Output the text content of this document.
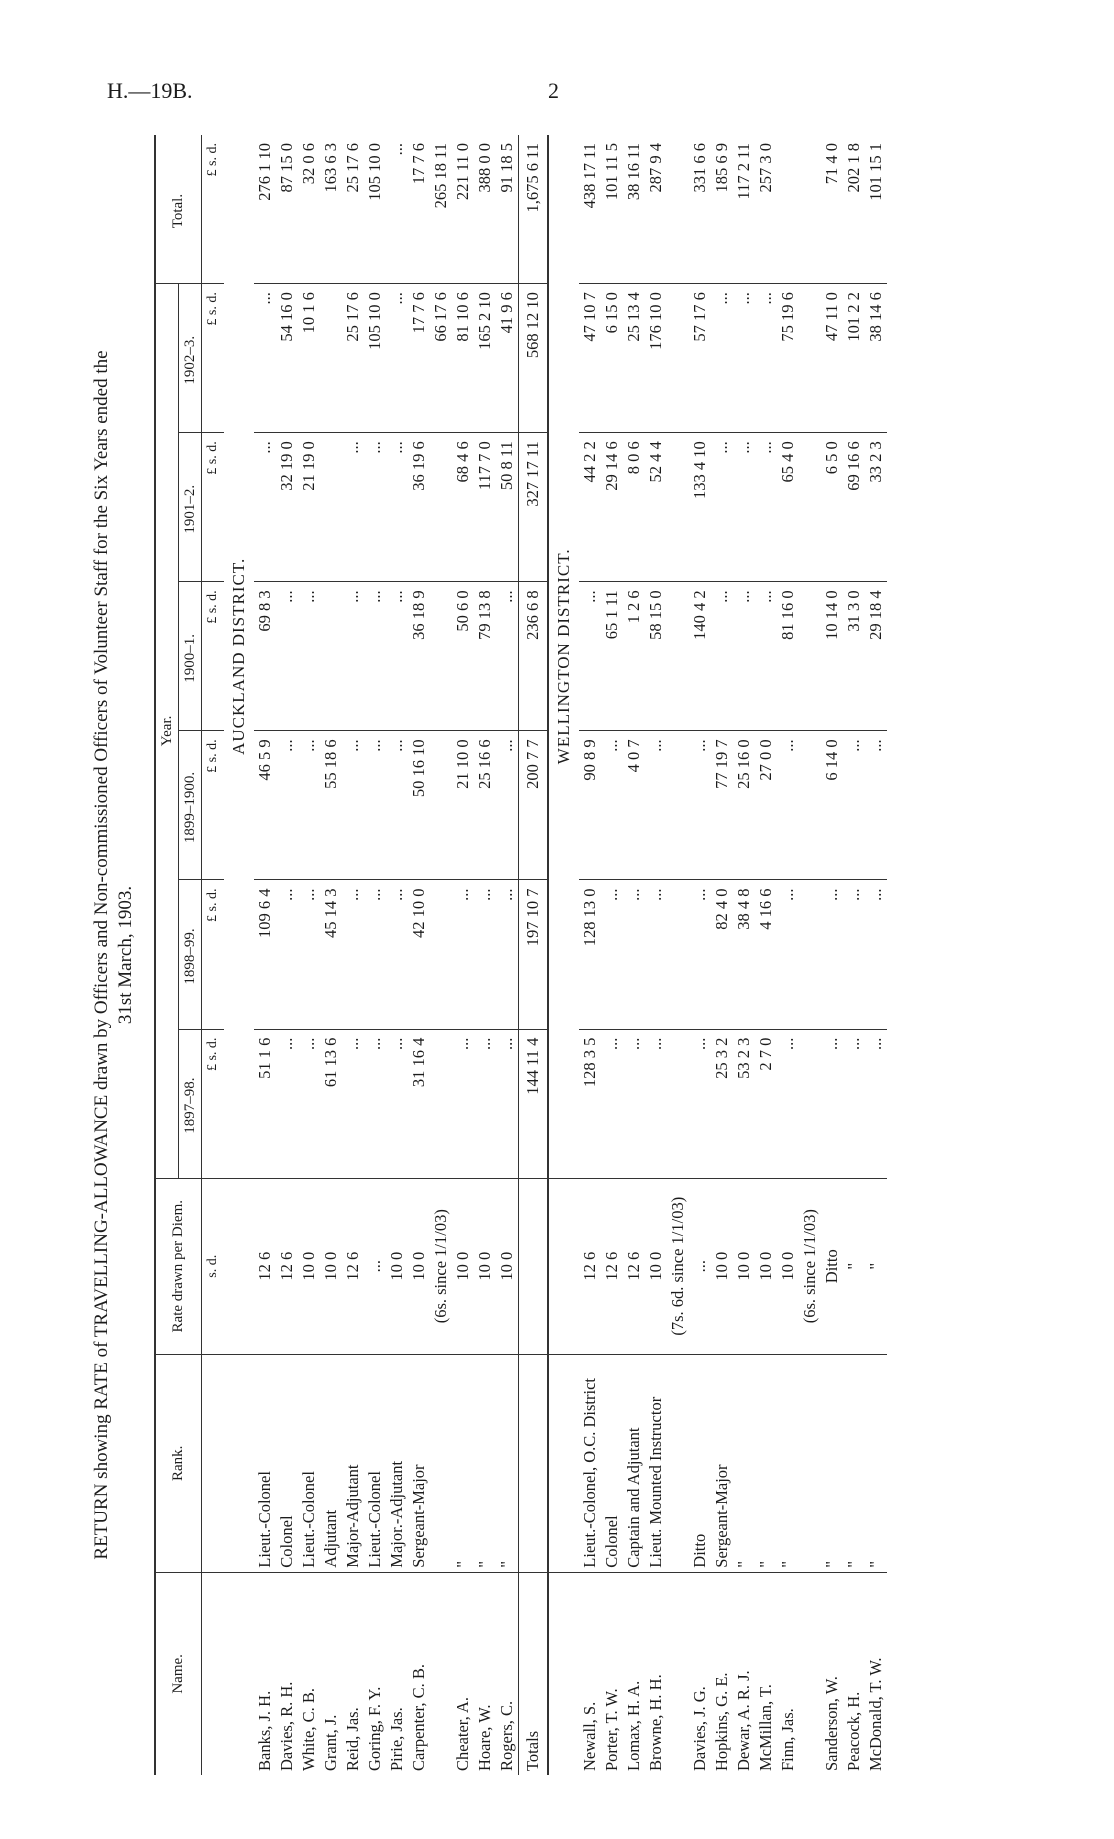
H.—19B.	2
RETURN showing RATE of TRAVELLING-ALLOWANCE drawn by Officers and Non-commissioned Officers of Volunteer Staff for the Six Years ended the 31st March, 1903.
Name.	Rank.	Rate drawn per Diem.	Year.						Total.
			1897–98.	1898–99.	1899–1900.	1900–1.	1901–2.	1902–3.	
		s. d.	£ s. d.	£ s. d.	£ s. d.	£ s. d.	£ s. d.	£ s. d.	£ s. d.
			AUCKLAND DISTRICT.						
Banks, J. H.	Lieut.-Colonel	12 6	51 1 6	109 6 4	46 5 9	69 8 3	...	...	276 1 10
Davies, R. H.	Colonel	12 6	...	...	...	...	32 19 0	54 16 0	87 15 0
White, C. B.	Lieut.-Colonel	10 0	...	...	...	...	21 19 0	10 1 6	32 0 6
Grant, J.	Adjutant	10 0	61 13 6	45 14 3	55 18 6				163 6 3
Reid, Jas.	Major-Adjutant	12 6	...	...	...	...	...	25 17 6	25 17 6
Goring, F. Y.	Lieut.-Colonel	...	...	...	...	...	...	105 10 0	105 10 0
Pirie, Jas.	Major.-Adjutant	10 0	...	...	...	...	...	...	...
Carpenter, C. B.	Sergeant-Major	10 0	31 16 4	42 10 0	50 16 10	36 18 9	36 19 6	17 7 6	17 7 6
		(6s. since 1/1/03)						66 17 6	265 18 11
Cheater, A.	"	10 0	...	...	21 10 0	50 6 0	68 4 6	81 10 6	221 11 0
Hoare, W.	"	10 0	...	...	25 16 6	79 13 8	117 7 0	165 2 10	388 0 0
Rogers, C.	"	10 0	...	...	...	...	50 8 11	41 9 6	91 18 5
Totals			144 11 4	197 10 7	200 7 7	236 6 8	327 17 11	568 12 10	1,675 6 11
			WELLINGTON DISTRICT.						
Newall, S.	Lieut.-Colonel, O.C. District	12 6	128 3 5	128 13 0	90 8 9	...	44 2 2	47 10 7	438 17 11
Porter, T. W.	Colonel	12 6	...	...	...	65 1 11	29 14 6	6 15 0	101 11 5
Lomax, H. A.	Captain and Adjutant	12 6	...	...	4 0 7	1 2 6	8 0 6	25 13 4	38 16 11
Browne, H. H.	Lieut. Mounted Instructor	10 0	...	...	...	58 15 0	52 4 4	176 10 0	287 9 4
		(7s. 6d. since 1/1/03)							
Davies, J. G.	Ditto	...	...	...	...	140 4 2	133 4 10	57 17 6	331 6 6
Hopkins, G. E.	Sergeant-Major	10 0	25 3 2	82 4 0	77 19 7	...	...	...	185 6 9
Dewar, A. R. J.	"	10 0	53 2 3	38 4 8	25 16 0	...	...	...	117 2 11
McMillan, T.	"	10 0	2 7 0	4 16 6	27 0 0	...	...	...	257 3 0
Finn, Jas.	"	10 0	...	...	...	81 16 0	65 4 0	75 19 6	
		(6s. since 1/1/03)							
Sanderson, W.	"	Ditto	...	...	6 14 0	10 14 0	6 5 0	47 11 0	71 4 0
Peacock, H.	"	"	...	...	...	31 3 0	69 16 6	101 2 2	202 1 8
McDonald, T. W.	"	"	...	...	...	29 18 4	33 2 3	38 14 6	101 15 1
